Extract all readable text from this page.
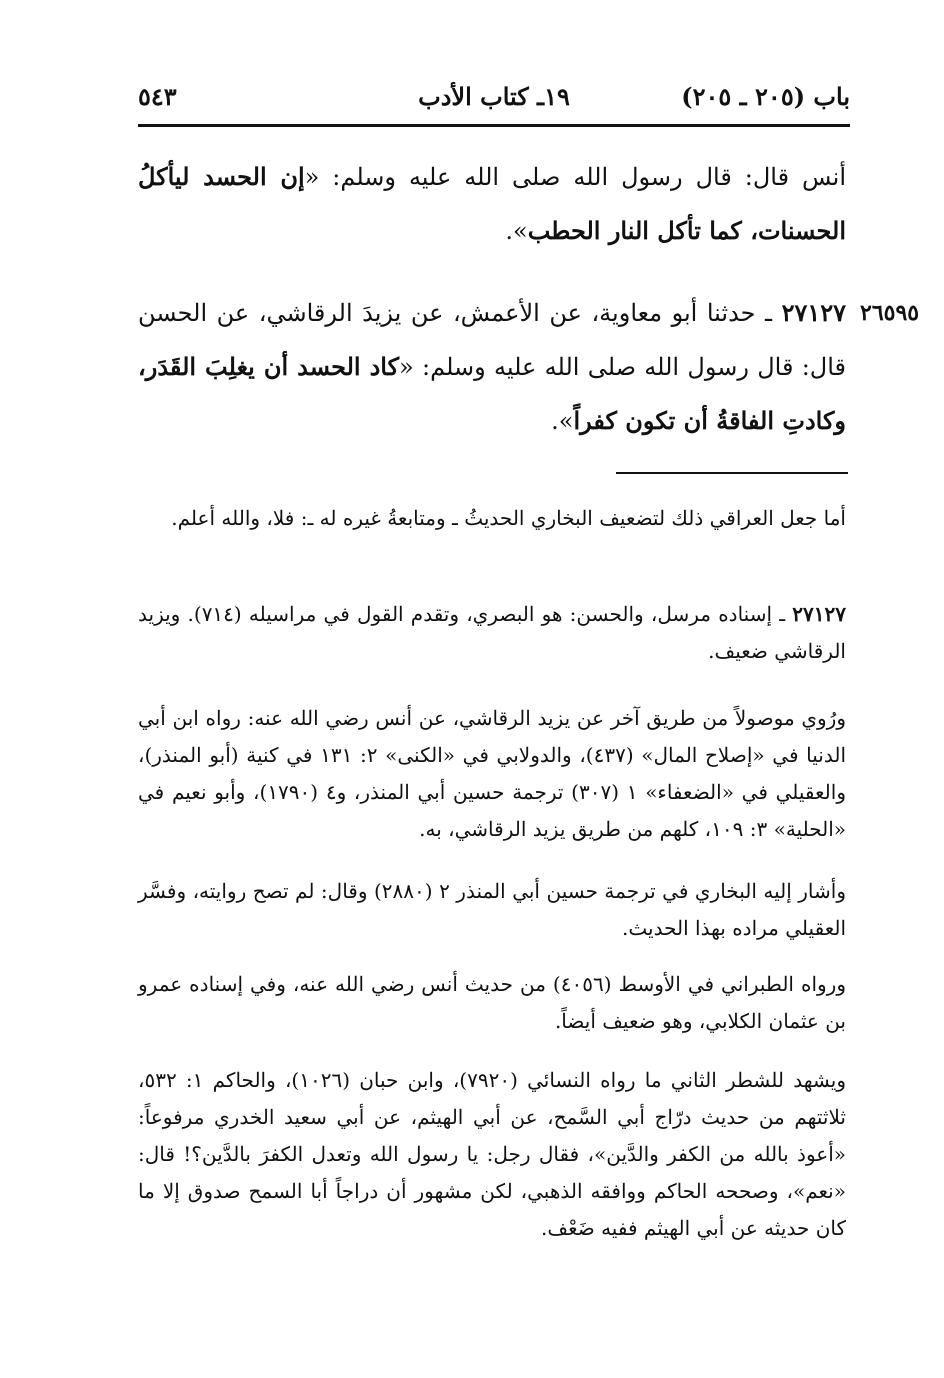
باب (٢٠٥ ـ ٢٠٥)
١٩ـ كتاب الأدب
٥٤٣
أنس قال: قال رسول الله صلى الله عليه وسلم: «إن الحسد ليأكلُ الحسنات، كما تأكل النار الحطب».
٢٦٥٩٥
٢٧١٢٧ ـ حدثنا أبو معاوية، عن الأعمش، عن يزيدَ الرقاشي، عن الحسن قال: قال رسول الله صلى الله عليه وسلم: «كاد الحسد أن يغلِبَ القَدَر، وكادتِ الفاقةُ أن تكون كفراً».

أما جعل العراقي ذلك لتضعيف البخاري الحديثُ ـ ومتابعةُ غيره له ـ: فلا، والله أعلم.

٢٧١٢٧ ـ إسناده مرسل، والحسن: هو البصري، وتقدم القول في مراسيله (٧١٤). ويزيد الرقاشي ضعيف.

ورُوي موصولاً من طريق آخر عن يزيد الرقاشي، عن أنس رضي الله عنه: رواه ابن أبي الدنيا في «إصلاح المال» (٤٣٧)، والدولابي في «الكنى» ٢: ١٣١ في كنية (أبو المنذر)، والعقيلي في «الضعفاء» ١ (٣٠٧) ترجمة حسين أبي المنذر، و٤ (١٧٩٠)، وأبو نعيم في «الحلية» ٣: ١٠٩، كلهم من طريق يزيد الرقاشي، به.

وأشار إليه البخاري في ترجمة حسين أبي المنذر ٢ (٢٨٨٠) وقال: لم تصح روايته، وفسَّر العقيلي مراده بهذا الحديث.

ورواه الطبراني في الأوسط (٤٠٥٦) من حديث أنس رضي الله عنه، وفي إسناده عمرو بن عثمان الكلابي، وهو ضعيف أيضاً.

ويشهد للشطر الثاني ما رواه النسائي (٧٩٢٠)، وابن حبان (١٠٢٦)، والحاكم ١: ٥٣٢، ثلاثتهم من حديث درّاج أبي السَّمح، عن أبي الهيثم، عن أبي سعيد الخدري مرفوعاً: «أعوذ بالله من الكفر والدَّين»، فقال رجل: يا رسول الله وتعدل الكفرَ بالدَّين؟! قال: «نعم»، وصححه الحاكم ووافقه الذهبي، لكن مشهور أن دراجاً أبا السمح صدوق إلا ما كان حديثه عن أبي الهيثم ففيه ضَعْف.
